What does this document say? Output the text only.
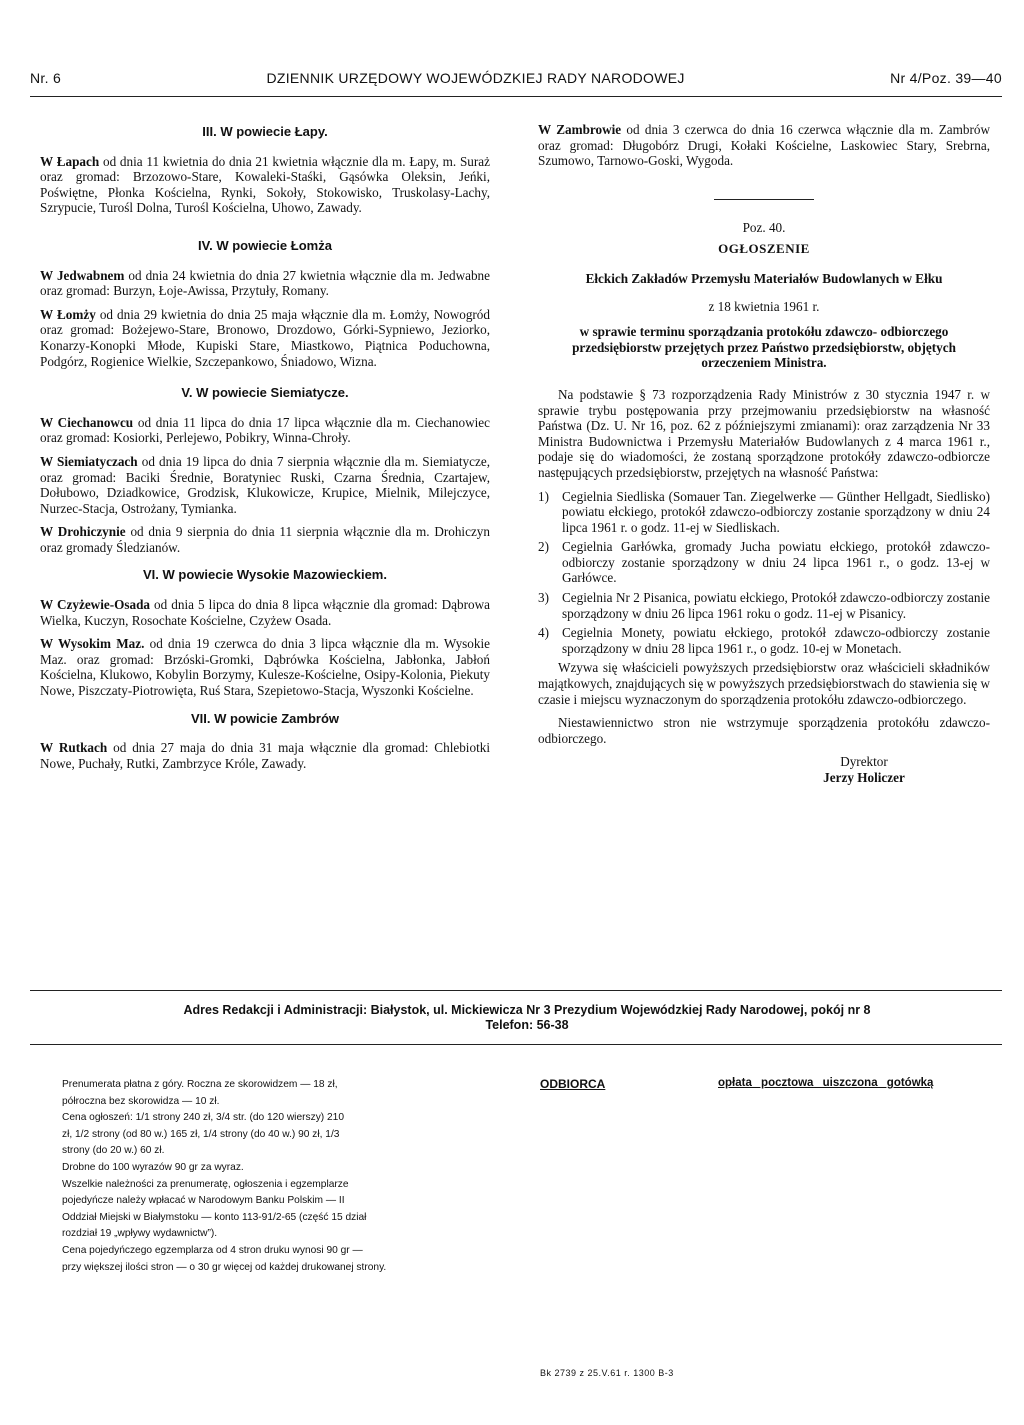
Nr. 6	DZIENNIK URZĘDOWY WOJEWÓDZKIEJ RADY NARODOWEJ	Nr 4/Poz. 39—40
III. W powiecie Łapy.

W Łapach od dnia 11 kwietnia do dnia 21 kwietnia włącznie dla m. Łapy, m. Suraż oraz gromad: Brzozowo-Stare, Kowaleki-Staśki, Gąsówka Oleksin, Jeńki, Poświętne, Płonka Kościelna, Rynki, Sokoły, Stokowisko, Truskolasy-Lachy, Szrypucie, Turośl Dolna, Turośl Kościelna, Uhowo, Zawady.

IV. W powiecie Łomża

W Jedwabnem od dnia 24 kwietnia do dnia 27 kwietnia włącznie dla m. Jedwabne oraz gromad: Burzyn, Łoje-Awissa, Przytuły, Romany.

W Łomży od dnia 29 kwietnia do dnia 25 maja włącznie dla m. Łomży, Nowogród oraz gromad: Bożejewo-Stare, Bronowo, Drozdowo, Górki-Sypniewo, Jeziorko, Konarzy-Konopki Młode, Kupiski Stare, Miastkowo, Piątnica Poduchowna, Podgórz, Rogienice Wielkie, Szczepankowo, Śniadowo, Wizna.

V. W powiecie Siemiatycze.

W Ciechanowcu od dnia 11 lipca do dnia 17 lipca włącznie dla m. Ciechanowiec oraz gromad: Kosiorki, Perlejewo, Pobikry, Winna-Chroły.

W Siemiatyczach od dnia 19 lipca do dnia 7 sierpnia włącznie dla m. Siemiatycze, oraz gromad: Baciki Średnie, Boratyniec Ruski, Czarna Średnia, Czartajew, Dołubowo, Dziadkowice, Grodzisk, Klukowicze, Krupice, Mielnik, Milejczyce, Nurzec-Stacja, Ostrożany, Tymianka.

W Drohiczynie od dnia 9 sierpnia do dnia 11 sierpnia włącznie dla m. Drohiczyn oraz gromady Śledzianów.

VI. W powiecie Wysokie Mazowieckiem.

W Czyżewie-Osada od dnia 5 lipca do dnia 8 lipca włącznie dla gromad: Dąbrowa Wielka, Kuczyn, Rosochate Kościelne, Czyżew Osada.

W Wysokim Maz. od dnia 19 czerwca do dnia 3 lipca włącznie dla m. Wysokie Maz. oraz gromad: Brzóski-Gromki, Dąbrówka Kościelna, Jabłonka, Jabłoń Kościelna, Klukowo, Kobylin Borzymy, Kulesze-Kościelne, Osipy-Kolonia, Piekuty Nowe, Piszczaty-Piotrowięta, Ruś Stara, Szepietowo-Stacja, Wyszonki Kościelne.

VII. W powicie Zambrów

W Rutkach od dnia 27 maja do dnia 31 maja włącznie dla gromad: Chlebiotki Nowe, Puchały, Rutki, Zambrzyce Króle, Zawady.

W Zambrowie od dnia 3 czerwca do dnia 16 czerwca włącznie dla m. Zambrów oraz gromad: Długobórz Drugi, Kołaki Kościelne, Laskowiec Stary, Srebrna, Szumowo, Tarnowo-Goski, Wygoda.

Poz. 40.
OGŁOSZENIE
Ełckich Zakładów Przemysłu Materiałów Budowlanych w Ełku
z 18 kwietnia 1961 r.
w sprawie terminu sporządzania protokółu zdawczo- odbiorczego przedsiębiorstw przejętych przez Państwo przedsiębiorstw, objętych orzeczeniem Ministra.

Na podstawie § 73 rozporządzenia Rady Ministrów z 30 stycznia 1947 r. w sprawie trybu postępowania przy przejmowaniu przedsiębiorstw na własność Państwa (Dz. U. Nr 16, poz. 62 z późniejszymi zmianami): oraz zarządzenia Nr 33 Ministra Budownictwa i Przemysłu Materiałów Budowlanych z 4 marca 1961 r., podaje się do wiadomości, że zostaną sporządzone protokóły zdawczo-odbiorcze następujących przedsiębiorstw, przejętych na własność Państwa:

1) Cegielnia Siedliska (Somauer Tan. Ziegelwerke — Günther Hellgadt, Siedlisko) powiatu ełckiego, protokół zdawczo-odbiorczy zostanie sporządzony w dniu 24 lipca 1961 r. o godz. 11-ej w Siedliskach.
2) Cegielnia Garłówka, gromady Jucha powiatu ełckiego, protokół zdawczo-odbiorczy zostanie sporządzony w dniu 24 lipca 1961 r., o godz. 13-ej w Garłówce.
3) Cegielnia Nr 2 Pisanica, powiatu ełckiego, Protokół zdawczo-odbiorczy zostanie sporządzony w dniu 26 lipca 1961 roku o godz. 11-ej w Pisanicy.
4) Cegielnia Monety, powiatu ełckiego, protokół zdawczo-odbiorczy zostanie sporządzony w dniu 28 lipca 1961 r., o godz. 10-ej w Monetach.

Wzywa się właścicieli powyższych przedsiębiorstw oraz właścicieli składników majątkowych, znajdujących się w powyższych przedsiębiorstwach do stawienia się w czasie i miejscu wyznaczonym do sporządzenia protokółu zdawczo-odbiorczego.

Niestawiennictwo stron nie wstrzymuje sporządzenia protokółu zdawczo-odbiorczego.

Dyrektor
Jerzy Holiczer
Adres Redakcji i Administracji: Białystok, ul. Mickiewicza Nr 3 Prezydium Wojewódzkiej Rady Narodowej, pokój nr 8
Telefon: 56-38
Prenumerata płatna z góry. Roczna ze skorowidzem — 18 zł,
półroczna bez skorowidza — 10 zł.
Cena ogłoszeń: 1/1 strony 240 zł, 3/4 str. (do 120 wierszy) 210
zł, 1/2 strony (od 80 w.) 165 zł, 1/4 strony (do 40 w.) 90 zł, 1/3
strony (do 20 w.) 60 zł.
Drobne do 100 wyrazów 90 gr za wyraz.
Wszelkie należności za prenumeratę, ogłoszenia i egzemplarze
pojedyńcze należy wpłacać w Narodowym Banku Polskim — II
Oddział Miejski w Białymstoku — konto 113-91/2-65 (część 15 dział
rozdział 19 „wpływy wydawnictw”).
Cena pojedyńczego egzemplarza od 4 stron druku wynosi 90 gr —
przy większej ilości stron — o 30 gr więcej od każdej drukowanej strony.
ODBIORCA	opłata pocztowa uiszczona gotówką
Bk 2739 z 25.V.61 r. 1300 B-3
